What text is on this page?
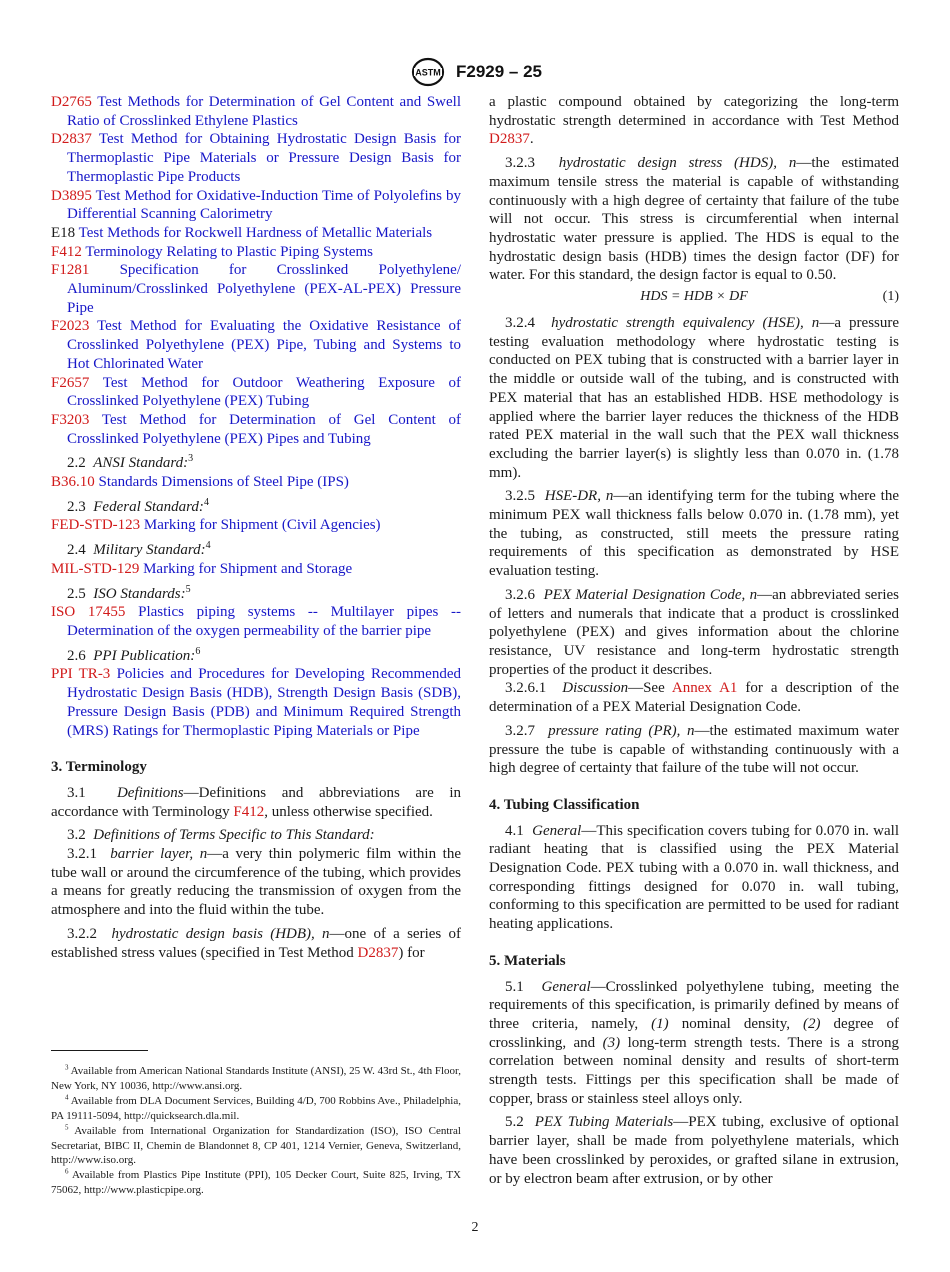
ASTM F2929 – 25

D2765 Test Methods for Determination of Gel Content and Swell Ratio of Crosslinked Ethylene Plastics

D2837 Test Method for Obtaining Hydrostatic Design Basis for Thermoplastic Pipe Materials or Pressure Design Basis for Thermoplastic Pipe Products

D3895 Test Method for Oxidative-Induction Time of Polyolefins by Differential Scanning Calorimetry

E18 Test Methods for Rockwell Hardness of Metallic Materials

F412 Terminology Relating to Plastic Piping Systems

F1281 Specification for Crosslinked Polyethylene/ Aluminum/Crosslinked Polyethylene (PEX-AL-PEX) Pressure Pipe

F2023 Test Method for Evaluating the Oxidative Resistance of Crosslinked Polyethylene (PEX) Pipe, Tubing and Systems to Hot Chlorinated Water

F2657 Test Method for Outdoor Weathering Exposure of Crosslinked Polyethylene (PEX) Tubing

F3203 Test Method for Determination of Gel Content of Crosslinked Polyethylene (PEX) Pipes and Tubing

2.2 ANSI Standard:$^3$

B36.10 Standards Dimensions of Steel Pipe (IPS)

2.3 Federal Standard:$^4$

FED-STD-123 Marking for Shipment (Civil Agencies)

2.4 Military Standard:$^4$

MIL-STD-129 Marking for Shipment and Storage

2.5 ISO Standards:$^5$

ISO 17455 Plastics piping systems -- Multilayer pipes -- Determination of the oxygen permeability of the barrier pipe

2.6 PPI Publication:$^6$

PPI TR-3 Policies and Procedures for Developing Recommended Hydrostatic Design Basis (HDB), Strength Design Basis (SDB), Pressure Design Basis (PDB) and Minimum Required Strength (MRS) Ratings for Thermoplastic Piping Materials or Pipe

3. Terminology

3.1 Definitions—Definitions and abbreviations are in accordance with Terminology F412, unless otherwise specified.

3.2 Definitions of Terms Specific to This Standard:

3.2.1 barrier layer, n—a very thin polymeric film within the tube wall or around the circumference of the tubing, which provides a means for greatly reducing the transmission of oxygen from the atmosphere and into the fluid within the tube.

3.2.2 hydrostatic design basis (HDB), n—one of a series of established stress values (specified in Test Method D2837) for

$^3$ Available from American National Standards Institute (ANSI), 25 W. 43rd St., 4th Floor, New York, NY 10036, http://www.ansi.org.

$^4$ Available from DLA Document Services, Building 4/D, 700 Robbins Ave., Philadelphia, PA 19111-5094, http://quicksearch.dla.mil.

$^5$ Available from International Organization for Standardization (ISO), ISO Central Secretariat, BIBC II, Chemin de Blandonnet 8, CP 401, 1214 Vernier, Geneva, Switzerland, http://www.iso.org.

$^6$ Available from Plastics Pipe Institute (PPI), 105 Decker Court, Suite 825, Irving, TX 75062, http://www.plasticpipe.org.

a plastic compound obtained by categorizing the long-term hydrostatic strength determined in accordance with Test Method D2837.

3.2.3 hydrostatic design stress (HDS), n—the estimated maximum tensile stress the material is capable of withstanding continuously with a high degree of certainty that failure of the tube will not occur. This stress is circumferential when internal hydrostatic water pressure is applied. The HDS is equal to the hydrostatic design basis (HDB) times the design factor (DF) for water. For this standard, the design factor is equal to 0.50.

HDS = HDB × DF	(1)

3.2.4 hydrostatic strength equivalency (HSE), n—a pressure testing evaluation methodology where hydrostatic testing is conducted on PEX tubing that is constructed with a barrier layer in the middle or outside wall of the tubing, and is constructed with PEX material that has an established HDB. HSE methodology is applied where the barrier layer reduces the thickness of the HDB rated PEX material in the wall such that the PEX wall thickness excluding the barrier layer(s) is slightly less than 0.070 in. (1.78 mm).

3.2.5 HSE-DR, n—an identifying term for the tubing where the minimum PEX wall thickness falls below 0.070 in. (1.78 mm), yet the tubing, as constructed, still meets the pressure rating requirements of this specification as demonstrated by HSE evaluation testing.

3.2.6 PEX Material Designation Code, n—an abbreviated series of letters and numerals that indicate that a product is crosslinked polyethylene (PEX) and gives information about the chlorine resistance, UV resistance and long-term hydrostatic strength properties of the product it describes.

3.2.6.1 Discussion—See Annex A1 for a description of the determination of a PEX Material Designation Code.

3.2.7 pressure rating (PR), n—the estimated maximum water pressure the tube is capable of withstanding continuously with a high degree of certainty that failure of the tube will not occur.

4. Tubing Classification

4.1 General—This specification covers tubing for 0.070 in. wall radiant heating that is classified using the PEX Material Designation Code. PEX tubing with a 0.070 in. wall thickness, and corresponding fittings designed for 0.070 in. wall tubing, conforming to this specification are permitted to be used for radiant heating applications.

5. Materials

5.1 General—Crosslinked polyethylene tubing, meeting the requirements of this specification, is primarily defined by means of three criteria, namely, (1) nominal density, (2) degree of crosslinking, and (3) long-term strength tests. There is a strong correlation between nominal density and results of short-term strength tests. Fittings per this specification shall be made of copper, brass or stainless steel alloys only.

5.2 PEX Tubing Materials—PEX tubing, exclusive of optional barrier layer, shall be made from polyethylene materials, which have been crosslinked by peroxides, or grafted silane in extrusion, or by electron beam after extrusion, or by other

2
